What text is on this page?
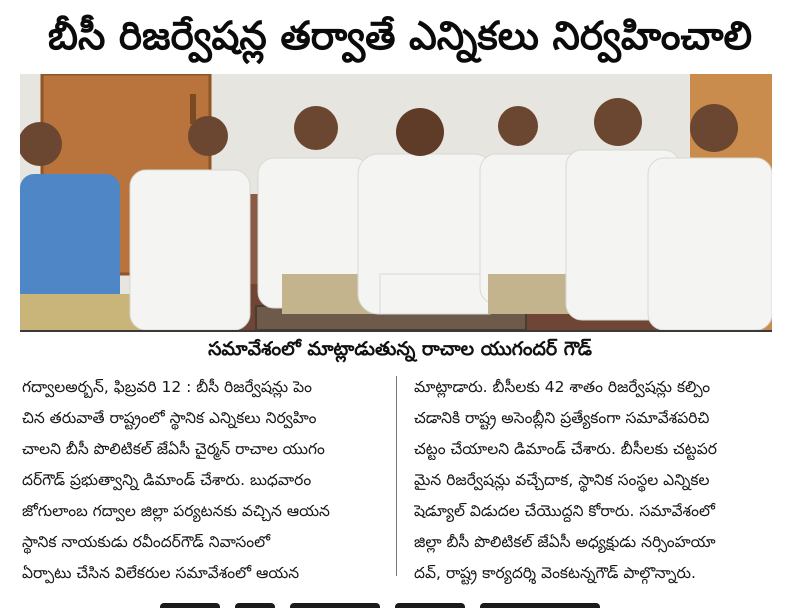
బీసీ రిజర్వేషన్ల తర్వాతే ఎన్నికలు నిర్వహించాలి
సమావేశంలో మాట్లాడుతున్న రాచాల యుగందర్ గౌడ్
గద్వాలఅర్బన్, ఫిబ్రవరి 12 : బీసీ రిజర్వేషన్లు పెం
చిన తరువాతే రాష్ట్రంలో స్థానిక ఎన్నికలు నిర్వహిం
చాలని బీసీ పొలిటికల్ జేఏసీ చైర్మన్ రాచాల యుగం
దర్‌గౌడ్ ప్రభుత్వాన్ని డిమాండ్ చేశారు. బుధవారం
జోగులాంబ గద్వాల జిల్లా పర్యటనకు వచ్చిన ఆయన
స్థానిక నాయకుడు రవీందర్‌గౌడ్ నివాసంలో
ఏర్పాటు చేసిన విలేకరుల సమావేశంలో ఆయన
మాట్లాడారు. బీసీలకు 42 శాతం రిజర్వేషన్లు కల్పిం
చడానికి రాష్ట్ర అసెంబ్లీని ప్రత్యేకంగా సమావేశపరిచి
చట్టం చేయాలని డిమాండ్ చేశారు. బీసీలకు చట్టపర
మైన రిజర్వేషన్లు వచ్చేదాక, స్థానిక సంస్థల ఎన్నికల
షెడ్యూల్ విడుదల చేయొద్దని కోరారు. సమావేశంలో
జిల్లా బీసీ పొలిటికల్ జేఏసీ అధ్యక్షుడు నర్సింహయా
దవ్, రాష్ట్ర కార్యదర్శి వెంకటన్నగౌడ్ పాల్గొన్నారు.
